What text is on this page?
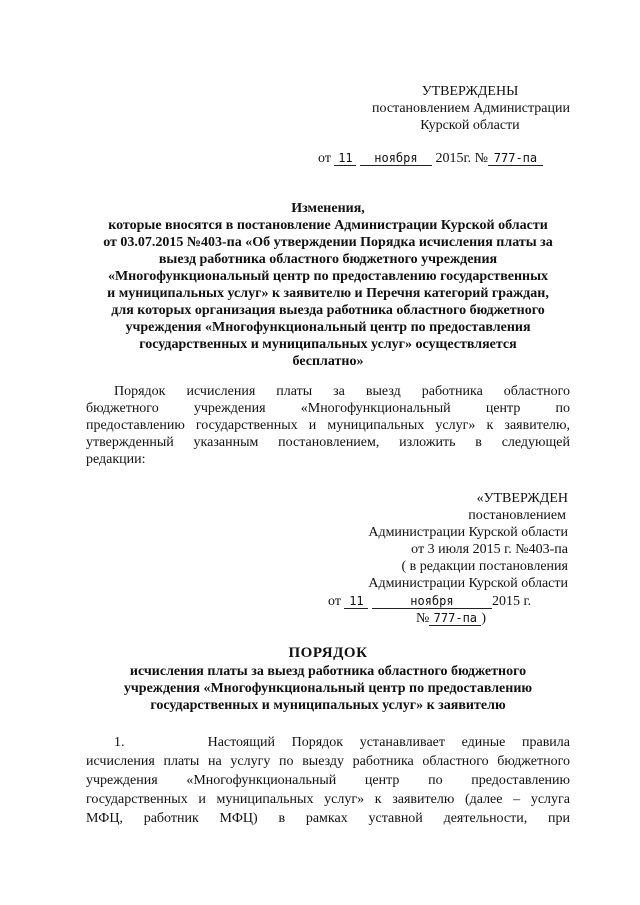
УТВЕРЖДЕНЫ
постановлением Администрации
Курской области
от 11 ноября 2015г. № 777-па
Изменения,
которые вносятся в постановление Администрации Курской области
от 03.07.2015 №403-па «Об утверждении Порядка исчисления платы за
выезд работника областного бюджетного учреждения
«Многофункциональный центр по предоставлению государственных
и муниципальных услуг» к заявителю и Перечня категорий граждан,
для которых организация выезда работника областного бюджетного
учреждения «Многофункциональный центр по предоставления
государственных и муниципальных услуг» осуществляется
бесплатно»
Порядок исчисления платы за выезд работника областного
бюджетного учреждения «Многофункциональный центр по
предоставлению государственных и муниципальных услуг» к заявителю,
утвержденный указанным постановлением, изложить в следующей
редакции:
«УТВЕРЖДЕН
постановлением
Администрации Курской области
от 3 июля 2015 г. №403-па
( в редакции постановления
Администрации Курской области
от 11	ноября	2015 г.
№ 777-па )
ПОРЯДОК
исчисления платы за выезд работника областного бюджетного
учреждения «Многофункциональный центр по предоставлению
государственных и муниципальных услуг» к заявителю
1.     Настоящий Порядок устанавливает единые правила
исчисления платы на услугу по выезду работника областного бюджетного
учреждения «Многофункциональный центр по предоставлению
государственных и муниципальных услуг» к заявителю (далее – услуга
МФЦ, работник МФЦ) в рамках уставной деятельности, при
